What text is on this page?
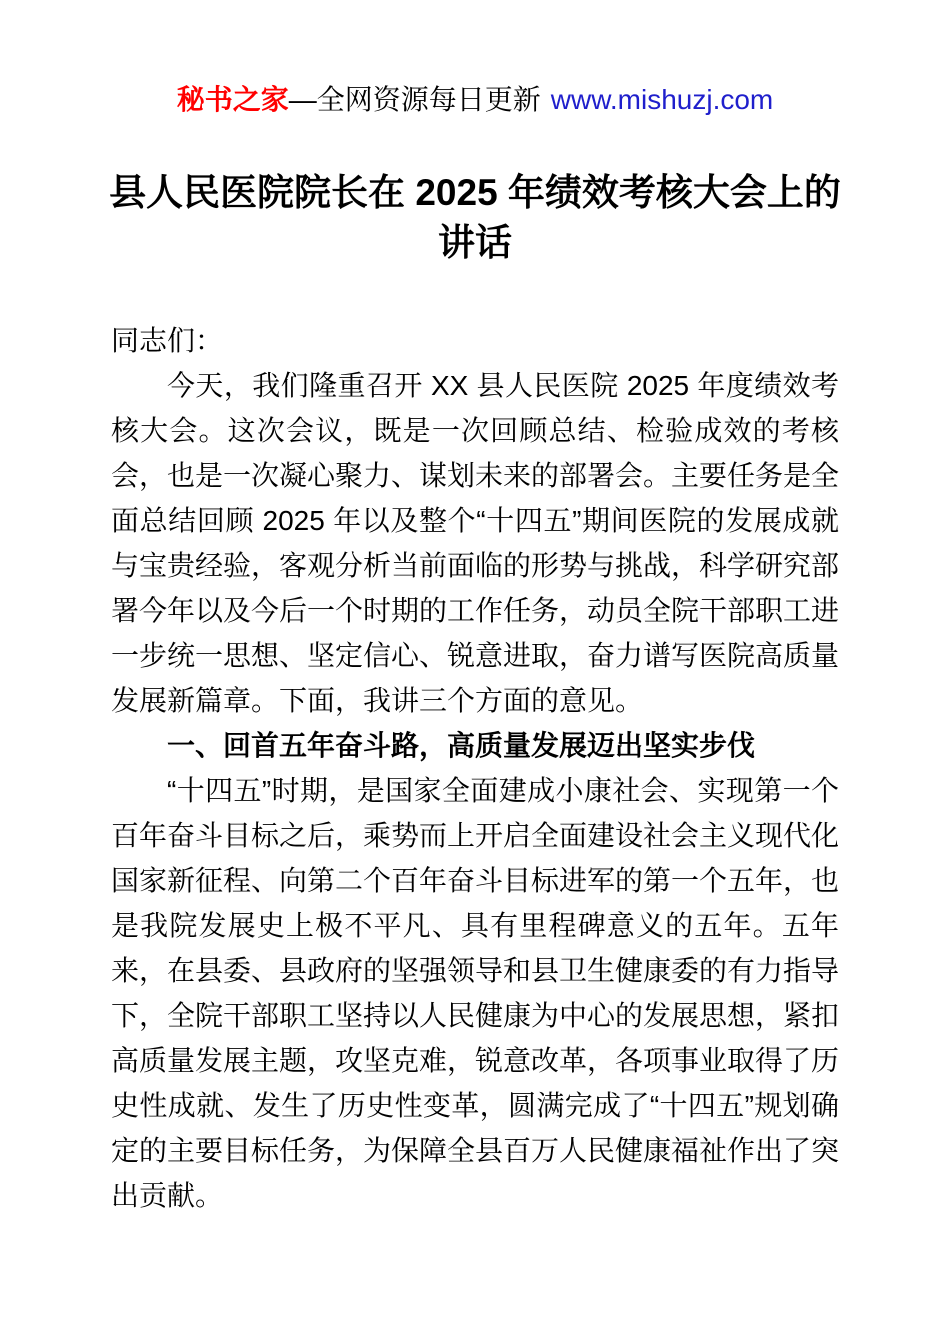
秘书之家—全网资源每日更新 www.mishuzj.com
县人民医院院长在 2025 年绩效考核大会上的讲话

同志们：

今天，我们隆重召开 XX 县人民医院 2025 年度绩效考核大会。这次会议，既是一次回顾总结、检验成效的考核会，也是一次凝心聚力、谋划未来的部署会。主要任务是全面总结回顾 2025 年以及整个“十四五”期间医院的发展成就与宝贵经验，客观分析当前面临的形势与挑战，科学研究部署今年以及今后一个时期的工作任务，动员全院干部职工进一步统一思想、坚定信心、锐意进取，奋力谱写医院高质量发展新篇章。下面，我讲三个方面的意见。

一、回首五年奋斗路，高质量发展迈出坚实步伐

“十四五”时期，是国家全面建成小康社会、实现第一个百年奋斗目标之后，乘势而上开启全面建设社会主义现代化国家新征程、向第二个百年奋斗目标进军的第一个五年，也是我院发展史上极不平凡、具有里程碑意义的五年。五年来，在县委、县政府的坚强领导和县卫生健康委的有力指导下，全院干部职工坚持以人民健康为中心的发展思想，紧扣高质量发展主题，攻坚克难，锐意改革，各项事业取得了历史性成就、发生了历史性变革，圆满完成了“十四五”规划确定的主要目标任务，为保障全县百万人民健康福祉作出了突出贡献。
